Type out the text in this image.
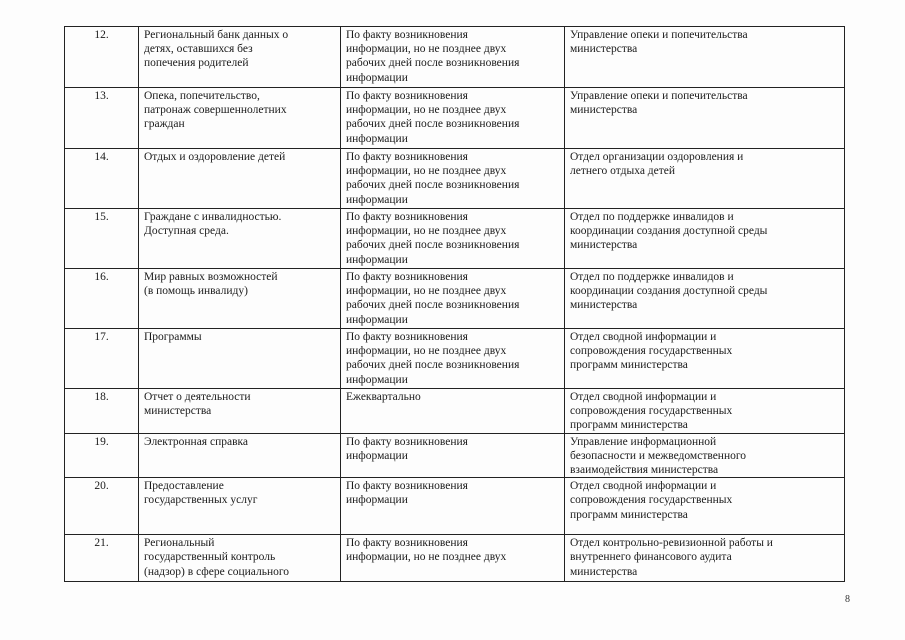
12.	Региональный банк данных о
детях, оставшихся без
попечения родителей	По факту возникновения
информации, но не позднее двух
рабочих дней после возникновения
информации	Управление опеки и попечительства
министерства

13.	Опека, попечительство,
патронаж совершеннолетних
граждан	По факту возникновения
информации, но не позднее двух
рабочих дней после возникновения
информации	Управление опеки и попечительства
министерства

14.	Отдых и оздоровление детей	По факту возникновения
информации, но не позднее двух
рабочих дней после возникновения
информации	Отдел организации оздоровления и
летнего отдыха детей

15.	Граждане с инвалидностью.
Доступная среда.	По факту возникновения
информации, но не позднее двух
рабочих дней после возникновения
информации	Отдел по поддержке инвалидов и
координации создания доступной среды
министерства

16.	Мир равных возможностей
(в помощь инвалиду)	По факту возникновения
информации, но не позднее двух
рабочих дней после возникновения
информации	Отдел по поддержке инвалидов и
координации создания доступной среды
министерства

17.	Программы	По факту возникновения
информации, но не позднее двух
рабочих дней после возникновения
информации	Отдел сводной информации и
сопровождения государственных
программ министерства

18.	Отчет о деятельности
министерства	Ежеквартально	Отдел сводной информации и
сопровождения государственных
программ министерства

19.	Электронная справка	По факту возникновения
информации	Управление информационной
безопасности и межведомственного
взаимодействия министерства

20.	Предоставление
государственных услуг	По факту возникновения
информации	Отдел сводной информации и
сопровождения государственных
программ министерства

21.	Региональный
государственный контроль
(надзор) в сфере социального	По факту возникновения
информации, но не позднее двух	Отдел контрольно-ревизионной работы и
внутреннего финансового аудита
министерства
8
